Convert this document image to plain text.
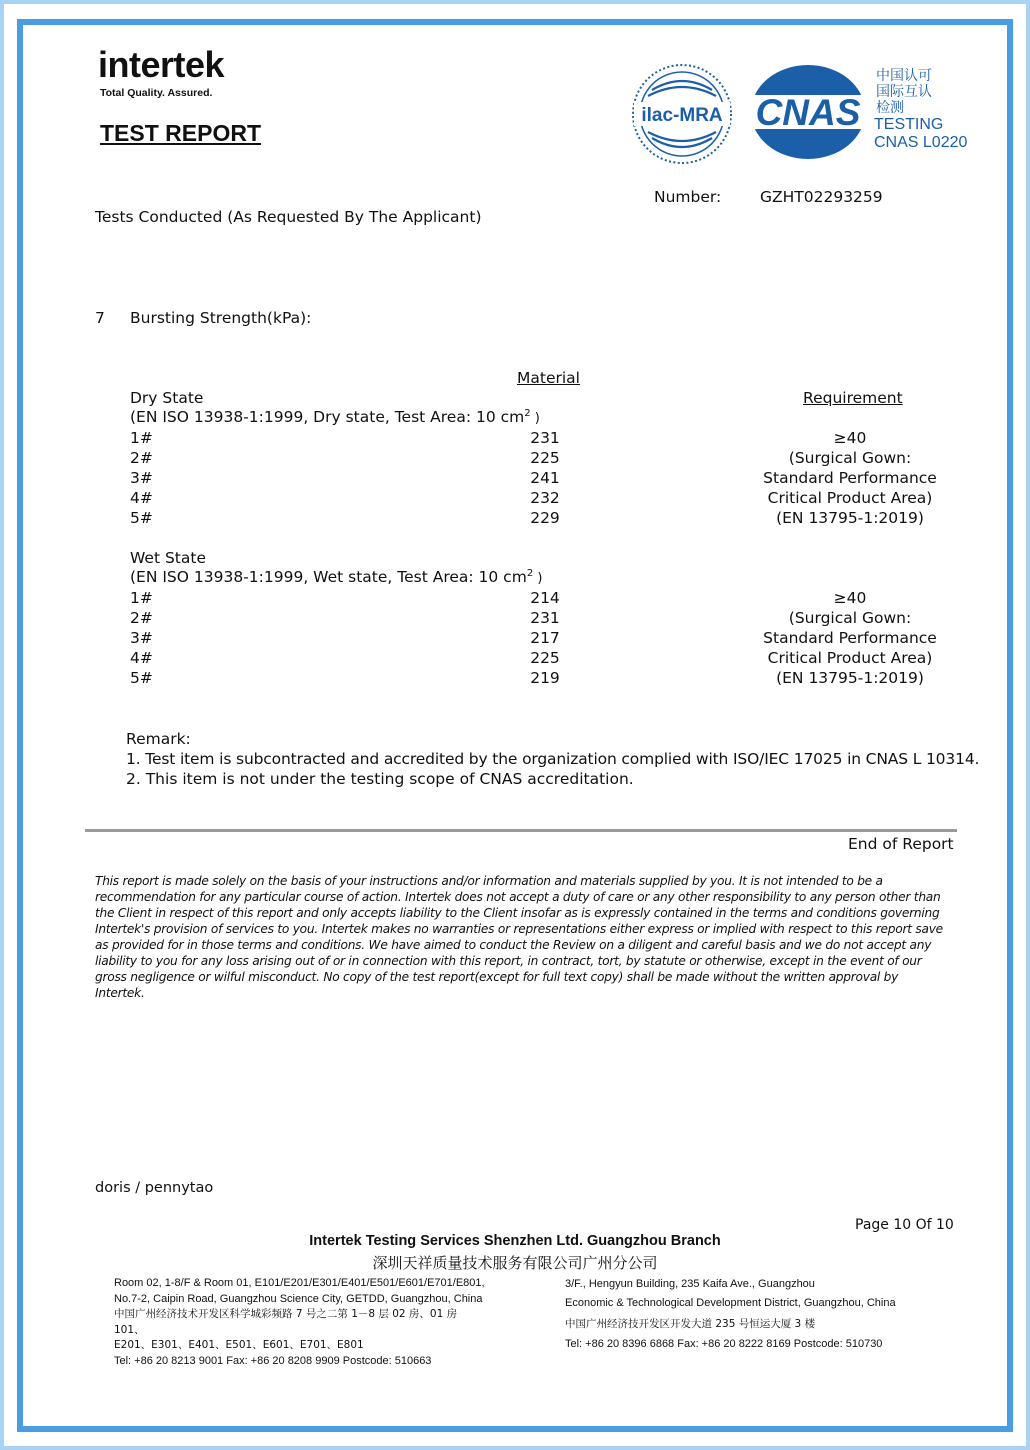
intertek
Total Quality. Assured.
TEST REPORT
ilac-MRA CNAS
中国认可
国际互认
检测
TESTING
CNAS L0220
Number:	GZHT02293259
Tests Conducted (As Requested By The Applicant)
7 Bursting Strength(kPa):
Material
Requirement
Dry State
(EN ISO 13938-1:1999, Dry state, Test Area: 10 $cm^2$ )
1#	231	≥40
2#	225	(Surgical Gown:
3#	241	Standard Performance
4#	232	Critical Product Area)
5#	229	(EN 13795-1:2019)
Wet State
(EN ISO 13938-1:1999, Wet state, Test Area: 10 $cm^2$ )
1#	214	≥40
2#	231	(Surgical Gown:
3#	217	Standard Performance
4#	225	Critical Product Area)
5#	219	(EN 13795-1:2019)
Remark:
1. Test item is subcontracted and accredited by the organization complied with ISO/IEC 17025 in CNAS L 10314.
2. This item is not under the testing scope of CNAS accreditation.
End of Report
This report is made solely on the basis of your instructions and/or information and materials supplied by you. It is not intended to be a recommendation for any particular course of action. Intertek does not accept a duty of care or any other responsibility to any person other than the Client in respect of this report and only accepts liability to the Client insofar as is expressly contained in the terms and conditions governing Intertek's provision of services to you. Intertek makes no warranties or representations either express or implied with respect to this report save as provided for in those terms and conditions. We have aimed to conduct the Review on a diligent and careful basis and we do not accept any liability to you for any loss arising out of or in connection with this report, in contract, tort, by statute or otherwise, except in the event of our gross negligence or wilful misconduct. No copy of the test report(except for full text copy) shall be made without the written approval by Intertek.
doris / pennytao
Page 10 Of 10
Intertek Testing Services Shenzhen Ltd. Guangzhou Branch
深圳天祥质量技术服务有限公司广州分公司
Room 02, 1-8/F & Room 01, E101/E201/E301/E401/E501/E601/E701/E801,
No.7-2, Caipin Road, Guangzhou Science City, GETDD, Guangzhou, China
中国广州经济技术开发区科学城彩频路 7 号之二第 1－8 层 02 房、01 房
101、
E201、E301、E401、E501、E601、E701、E801
Tel: +86 20 8213 9001 Fax: +86 20 8208 9909 Postcode: 510663
3/F., Hengyun Building, 235 Kaifa Ave., Guangzhou
Economic & Technological Development District, Guangzhou, China
中国广州经济技开发区开发大道 235 号恒运大厦 3 楼
Tel: +86 20 8396 6868 Fax: +86 20 8222 8169 Postcode: 510730
